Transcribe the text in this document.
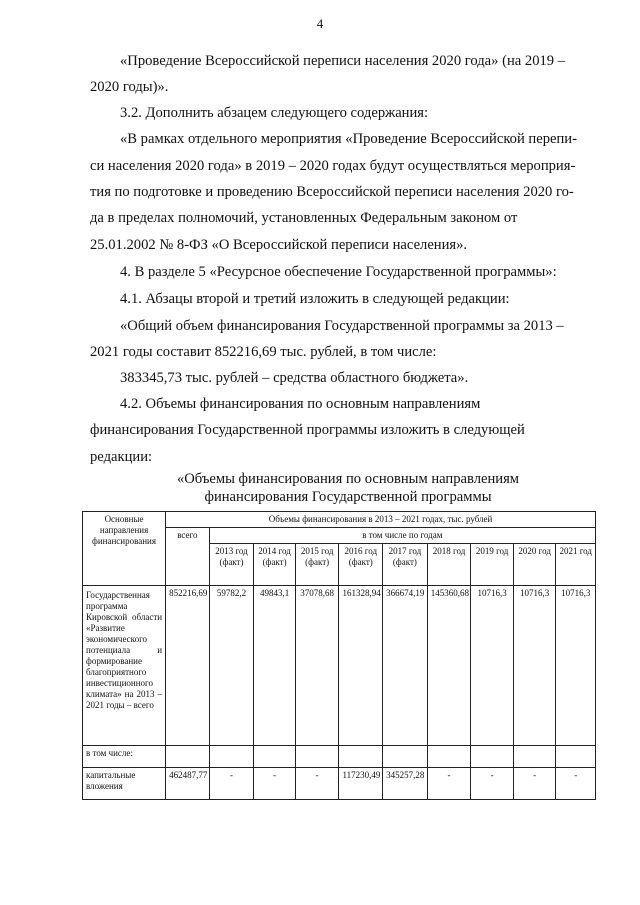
4
«Проведение Всероссийской переписи населения 2020 года» (на 2019 –
2020 годы)».
3.2. Дополнить абзацем следующего содержания:
«В рамках отдельного мероприятия «Проведение Всероссийской перепи-
си населения 2020 года» в 2019 – 2020 годах будут осуществляться мероприя-
тия по подготовке и проведению Всероссийской переписи населения 2020 го-
да в пределах полномочий, установленных Федеральным законом от
25.01.2002 № 8-ФЗ «О Всероссийской переписи населения».
4. В разделе 5 «Ресурсное обеспечение Государственной программы»:
4.1. Абзацы второй и третий изложить в следующей редакции:
«Общий объем финансирования Государственной программы за 2013 –
2021 годы составит 852216,69 тыс. рублей, в том числе:
383345,73 тыс. рублей – средства областного бюджета».
4.2. Объемы финансирования по основным направлениям
финансирования Государственной программы изложить в следующей
редакции:
«Объемы финансирования по основным направлениям
финансирования Государственной программы
Основные направления финансирования	Объемы финансирования в 2013 – 2021 годах, тыс. рублей									
	всего	в том числе по годам								
		2013 год (факт)	2014 год (факт)	2015 год (факт)	2016 год (факт)	2017 год (факт)	2018 год	2019 год	2020 год	2021 год
Государственная программа Кировской области «Развитие экономического потенциала и формирование благоприятного инвестиционного климата» на 2013 – 2021 годы – всего	852216,69	59782,2	49843,1	37078,68	161328,94	366674,19	145360,68	10716,3	10716,3	10716,3
в том числе:										
капитальные вложения	462487,77	-	-	-	117230,49	345257,28	-	-	-	-
